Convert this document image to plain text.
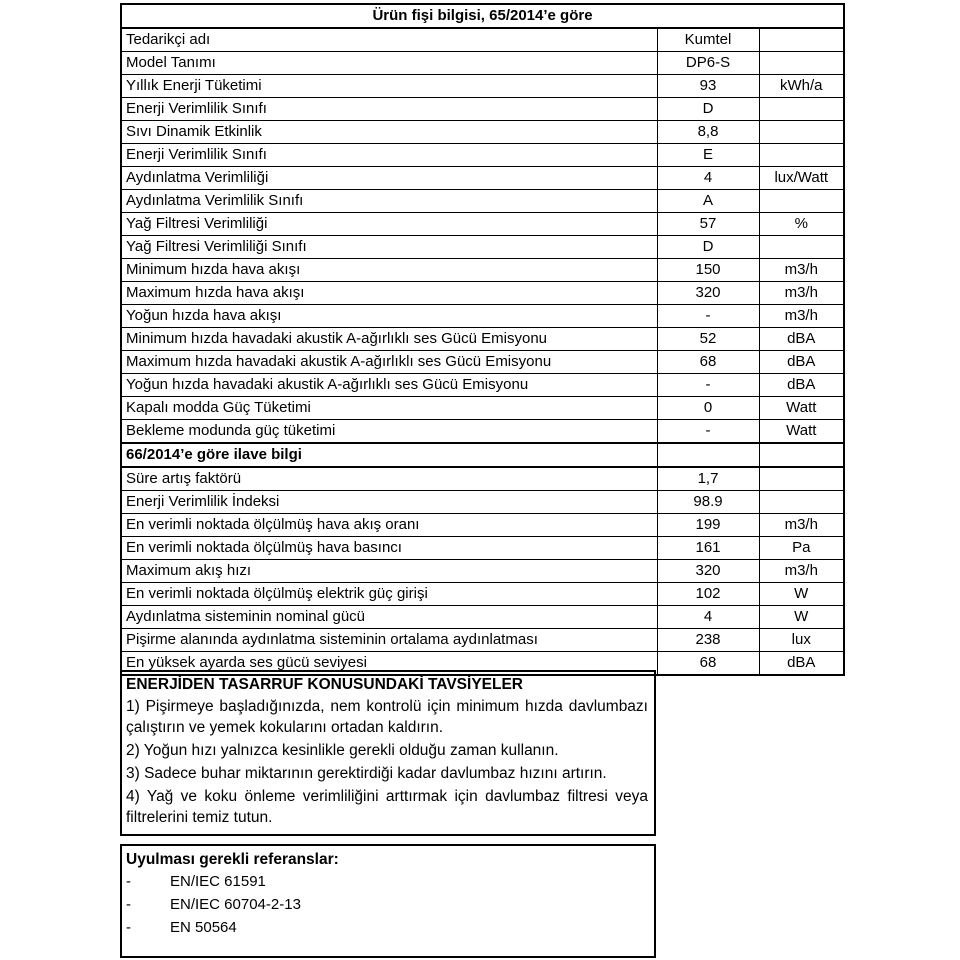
Ürün fişi bilgisi, 65/2014’e göre		
Tedarikçi adı	Kumtel	
Model Tanımı	DP6-S	
Yıllık Enerji Tüketimi	93	kWh/a
Enerji Verimlilik Sınıfı	D	
Sıvı Dinamik Etkinlik	8,8	
Enerji Verimlilik Sınıfı	E	
Aydınlatma Verimliliği	4	lux/Watt
Aydınlatma Verimlilik Sınıfı	A	
Yağ Filtresi Verimliliği	57	%
Yağ Filtresi Verimliliği Sınıfı	D	
Minimum hızda hava akışı	150	m3/h
Maximum hızda hava akışı	320	m3/h
Yoğun hızda hava akışı	-	m3/h
Minimum hızda havadaki akustik A-ağırlıklı ses Gücü Emisyonu	52	dBA
Maximum hızda havadaki akustik A-ağırlıklı ses Gücü Emisyonu	68	dBA
Yoğun hızda havadaki akustik A-ağırlıklı ses Gücü Emisyonu	-	dBA
Kapalı modda Güç Tüketimi	0	Watt
Bekleme modunda güç tüketimi	-	Watt
66/2014’e göre ilave bilgi		
Süre artış faktörü	1,7	
Enerji Verimlilik İndeksi	98.9	
En verimli noktada ölçülmüş hava akış oranı	199	m3/h
En verimli noktada ölçülmüş hava basıncı	161	Pa
Maximum akış hızı	320	m3/h
En verimli noktada ölçülmüş elektrik güç girişi	102	W
Aydınlatma sisteminin nominal gücü	4	W
Pişirme alanında aydınlatma sisteminin ortalama aydınlatması	238	lux
En yüksek ayarda ses gücü seviyesi	68	dBA

ENERJİDEN TASARRUF KONUSUNDAKİ TAVSİYELER

1) Pişirmeye başladığınızda, nem kontrolü için minimum hızda davlumbazı çalıştırın ve yemek kokularını ortadan kaldırın.

2) Yoğun hızı yalnızca kesinlikle gerekli olduğu zaman kullanın.

3) Sadece buhar miktarının gerektirdiği kadar davlumbaz hızını artırın.

4) Yağ ve koku önleme verimliliğini arttırmak için davlumbaz filtresi veya filtrelerini temiz tutun.

Uyulması gerekli referanslar:

-	EN/IEC 61591
-	EN/IEC 60704-2-13
-	EN 50564
